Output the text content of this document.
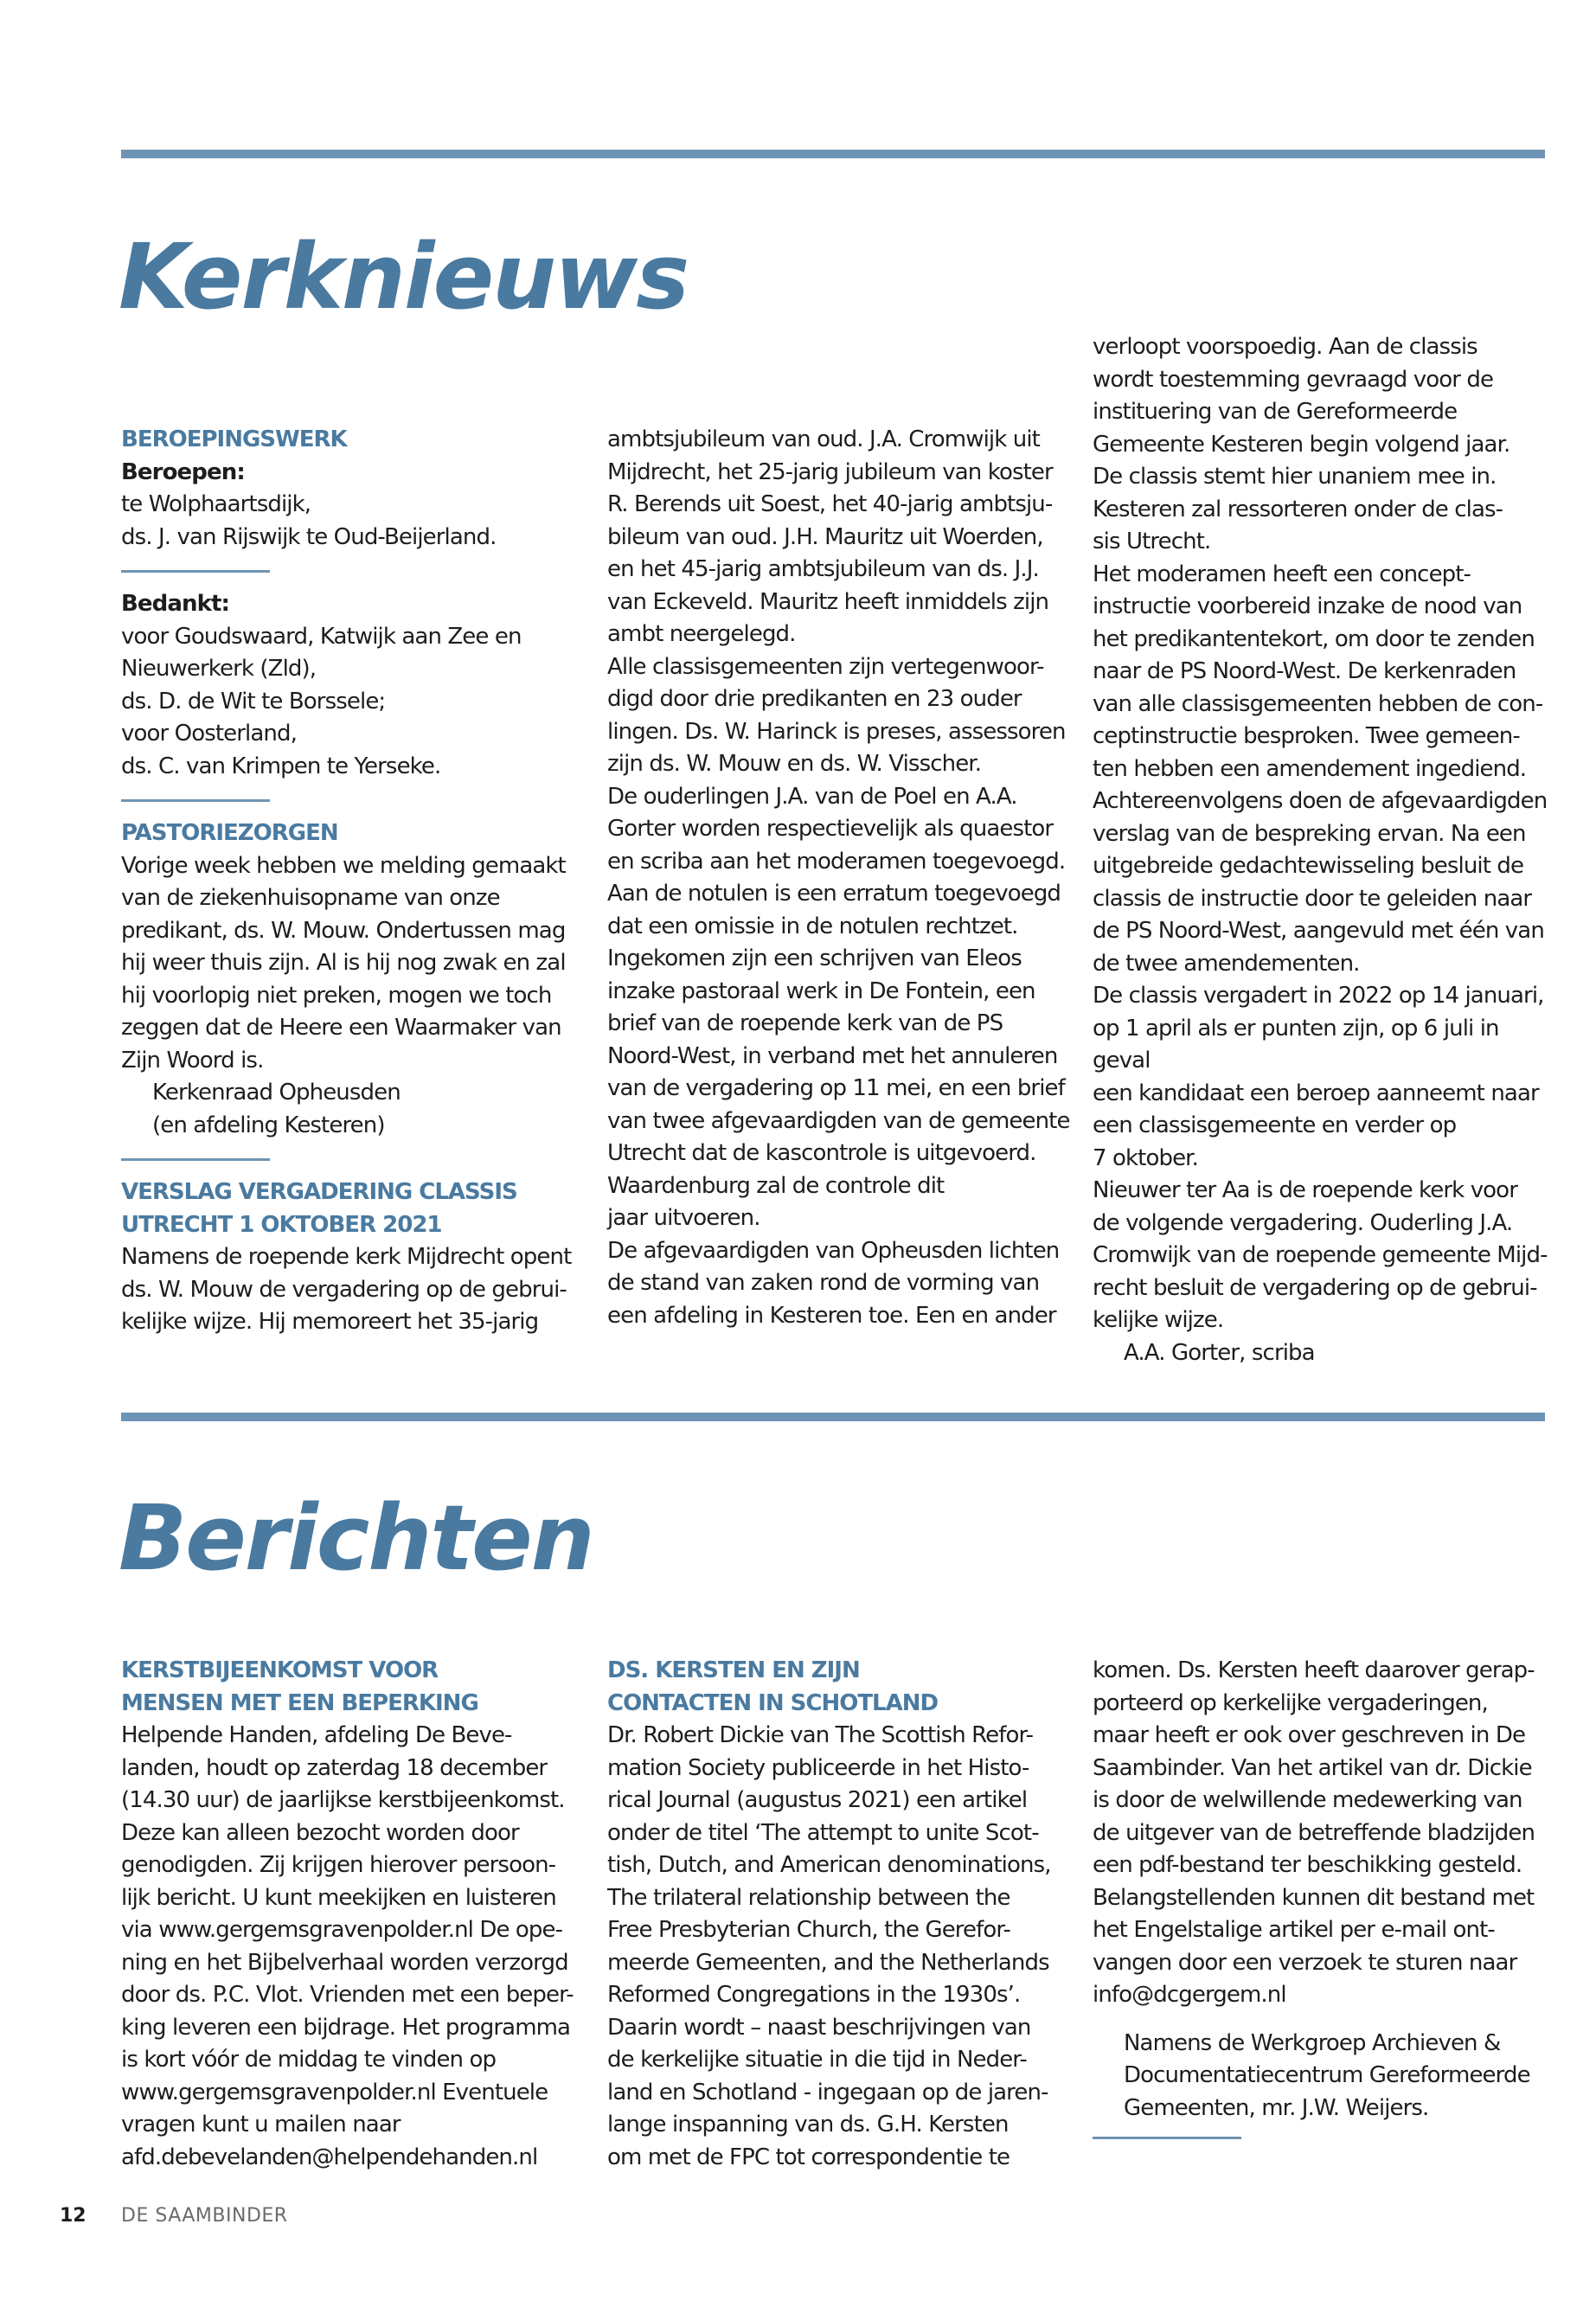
Kerknieuws

BEROEPINGSWERK

Beroepen:

te Wolphaartsdijk,

ds. J. van Rijswijk te Oud-Beijerland.

Bedankt:

voor Goudswaard, Katwijk aan Zee en

Nieuwerkerk (Zld),

ds. D. de Wit te Borssele;

voor Oosterland,

ds. C. van Krimpen te Yerseke.

PASTORIEZORGEN

Vorige week hebben we melding gemaakt

van de ziekenhuisopname van onze

predikant, ds. W. Mouw. Ondertussen mag

hij weer thuis zijn. Al is hij nog zwak en zal

hij voorlopig niet preken, mogen we toch

zeggen dat de Heere een Waarmaker van

Zijn Woord is.

Kerkenraad Opheusden

(en afdeling Kesteren)

VERSLAG VERGADERING CLASSIS

UTRECHT 1 OKTOBER 2021

Namens de roepende kerk Mijdrecht opent

ds. W. Mouw de vergadering op de gebrui-

kelijke wijze. Hij memoreert het 35-jarig

ambtsjubileum van oud. J.A. Cromwijk uit

Mijdrecht, het 25-jarig jubileum van koster

R. Berends uit Soest, het 40-jarig ambtsju-

bileum van oud. J.H. Mauritz uit Woerden,

en het 45-jarig ambtsjubileum van ds. J.J.

van Eckeveld. Mauritz heeft inmiddels zijn

ambt neergelegd.

Alle classisgemeenten zijn vertegenwoor-

digd door drie predikanten en 23 ouder

lingen. Ds. W. Harinck is preses, assessoren

zijn ds. W. Mouw en ds. W. Visscher.

De ouderlingen J.A. van de Poel en A.A.

Gorter worden respectievelijk als quaestor

en scriba aan het moderamen toegevoegd.

Aan de notulen is een erratum toegevoegd

dat een omissie in de notulen rechtzet.

Ingekomen zijn een schrijven van Eleos

inzake pastoraal werk in De Fontein, een

brief van de roepende kerk van de PS

Noord-West, in verband met het annuleren

van de vergadering op 11 mei, en een brief

van twee afgevaardigden van de gemeente

Utrecht dat de kascontrole is uitgevoerd.

Waardenburg zal de controle dit

jaar uitvoeren.

De afgevaardigden van Opheusden lichten

de stand van zaken rond de vorming van

een afdeling in Kesteren toe. Een en ander

verloopt voorspoedig. Aan de classis

wordt toestemming gevraagd voor de

instituering van de Gereformeerde

Gemeente Kesteren begin volgend jaar.

De classis stemt hier unaniem mee in.

Kesteren zal ressorteren onder de clas-

sis Utrecht.

Het moderamen heeft een concept-

instructie voorbereid inzake de nood van

het predikantentekort, om door te zenden

naar de PS Noord-West. De kerkenraden

van alle classisgemeenten hebben de con-

ceptinstructie besproken. Twee gemeen-

ten hebben een amendement ingediend.

Achtereenvolgens doen de afgevaardigden

verslag van de bespreking ervan. Na een

uitgebreide gedachtewisseling besluit de

classis de instructie door te geleiden naar

de PS Noord-West, aangevuld met één van

de twee amendementen.

De classis vergadert in 2022 op 14 januari,

op 1 april als er punten zijn, op 6 juli in geval

een kandidaat een beroep aanneemt naar

een classisgemeente en verder op

7 oktober.

Nieuwer ter Aa is de roepende kerk voor

de volgende vergadering. Ouderling J.A.

Cromwijk van de roepende gemeente Mijd-

recht besluit de vergadering op de gebrui-

kelijke wijze.

A.A. Gorter, scriba

Berichten

KERSTBIJEENKOMST VOOR

MENSEN MET EEN BEPERKING

Helpende Handen, afdeling De Beve-

landen, houdt op zaterdag 18 december

(14.30 uur) de jaarlijkse kerstbijeenkomst.

Deze kan alleen bezocht worden door

genodigden. Zij krijgen hierover persoon-

lijk bericht. U kunt meekijken en luisteren

via www.gergemsgravenpolder.nl De ope-

ning en het Bijbelverhaal worden verzorgd

door ds. P.C. Vlot. Vrienden met een beper-

king leveren een bijdrage. Het programma

is kort vóór de middag te vinden op

www.gergemsgravenpolder.nl Eventuele

vragen kunt u mailen naar

afd.debevelanden@helpendehanden.nl

DS. KERSTEN EN ZIJN

CONTACTEN IN SCHOTLAND

Dr. Robert Dickie van The Scottish Refor-

mation Society publiceerde in het Histo-

rical Journal (augustus 2021) een artikel

onder de titel ‘The attempt to unite Scot-

tish, Dutch, and American denominations,

The trilateral relationship between the

Free Presbyterian Church, the Gerefor-

meerde Gemeenten, and the Netherlands

Reformed Congregations in the 1930s’.

Daarin wordt – naast beschrijvingen van

de kerkelijke situatie in die tijd in Neder-

land en Schotland - ingegaan op de jaren-

lange inspanning van ds. G.H. Kersten

om met de FPC tot correspondentie te

komen. Ds. Kersten heeft daarover gerap-

porteerd op kerkelijke vergaderingen,

maar heeft er ook over geschreven in De

Saambinder. Van het artikel van dr. Dickie

is door de welwillende medewerking van

de uitgever van de betreffende bladzijden

een pdf-bestand ter beschikking gesteld.

Belangstellenden kunnen dit bestand met

het Engelstalige artikel per e-mail ont-

vangen door een verzoek te sturen naar

info@dcgergem.nl

Namens de Werkgroep Archieven &

Documentatiecentrum Gereformeerde

Gemeenten, mr. J.W. Weijers.

12 DE SAAMBINDER
